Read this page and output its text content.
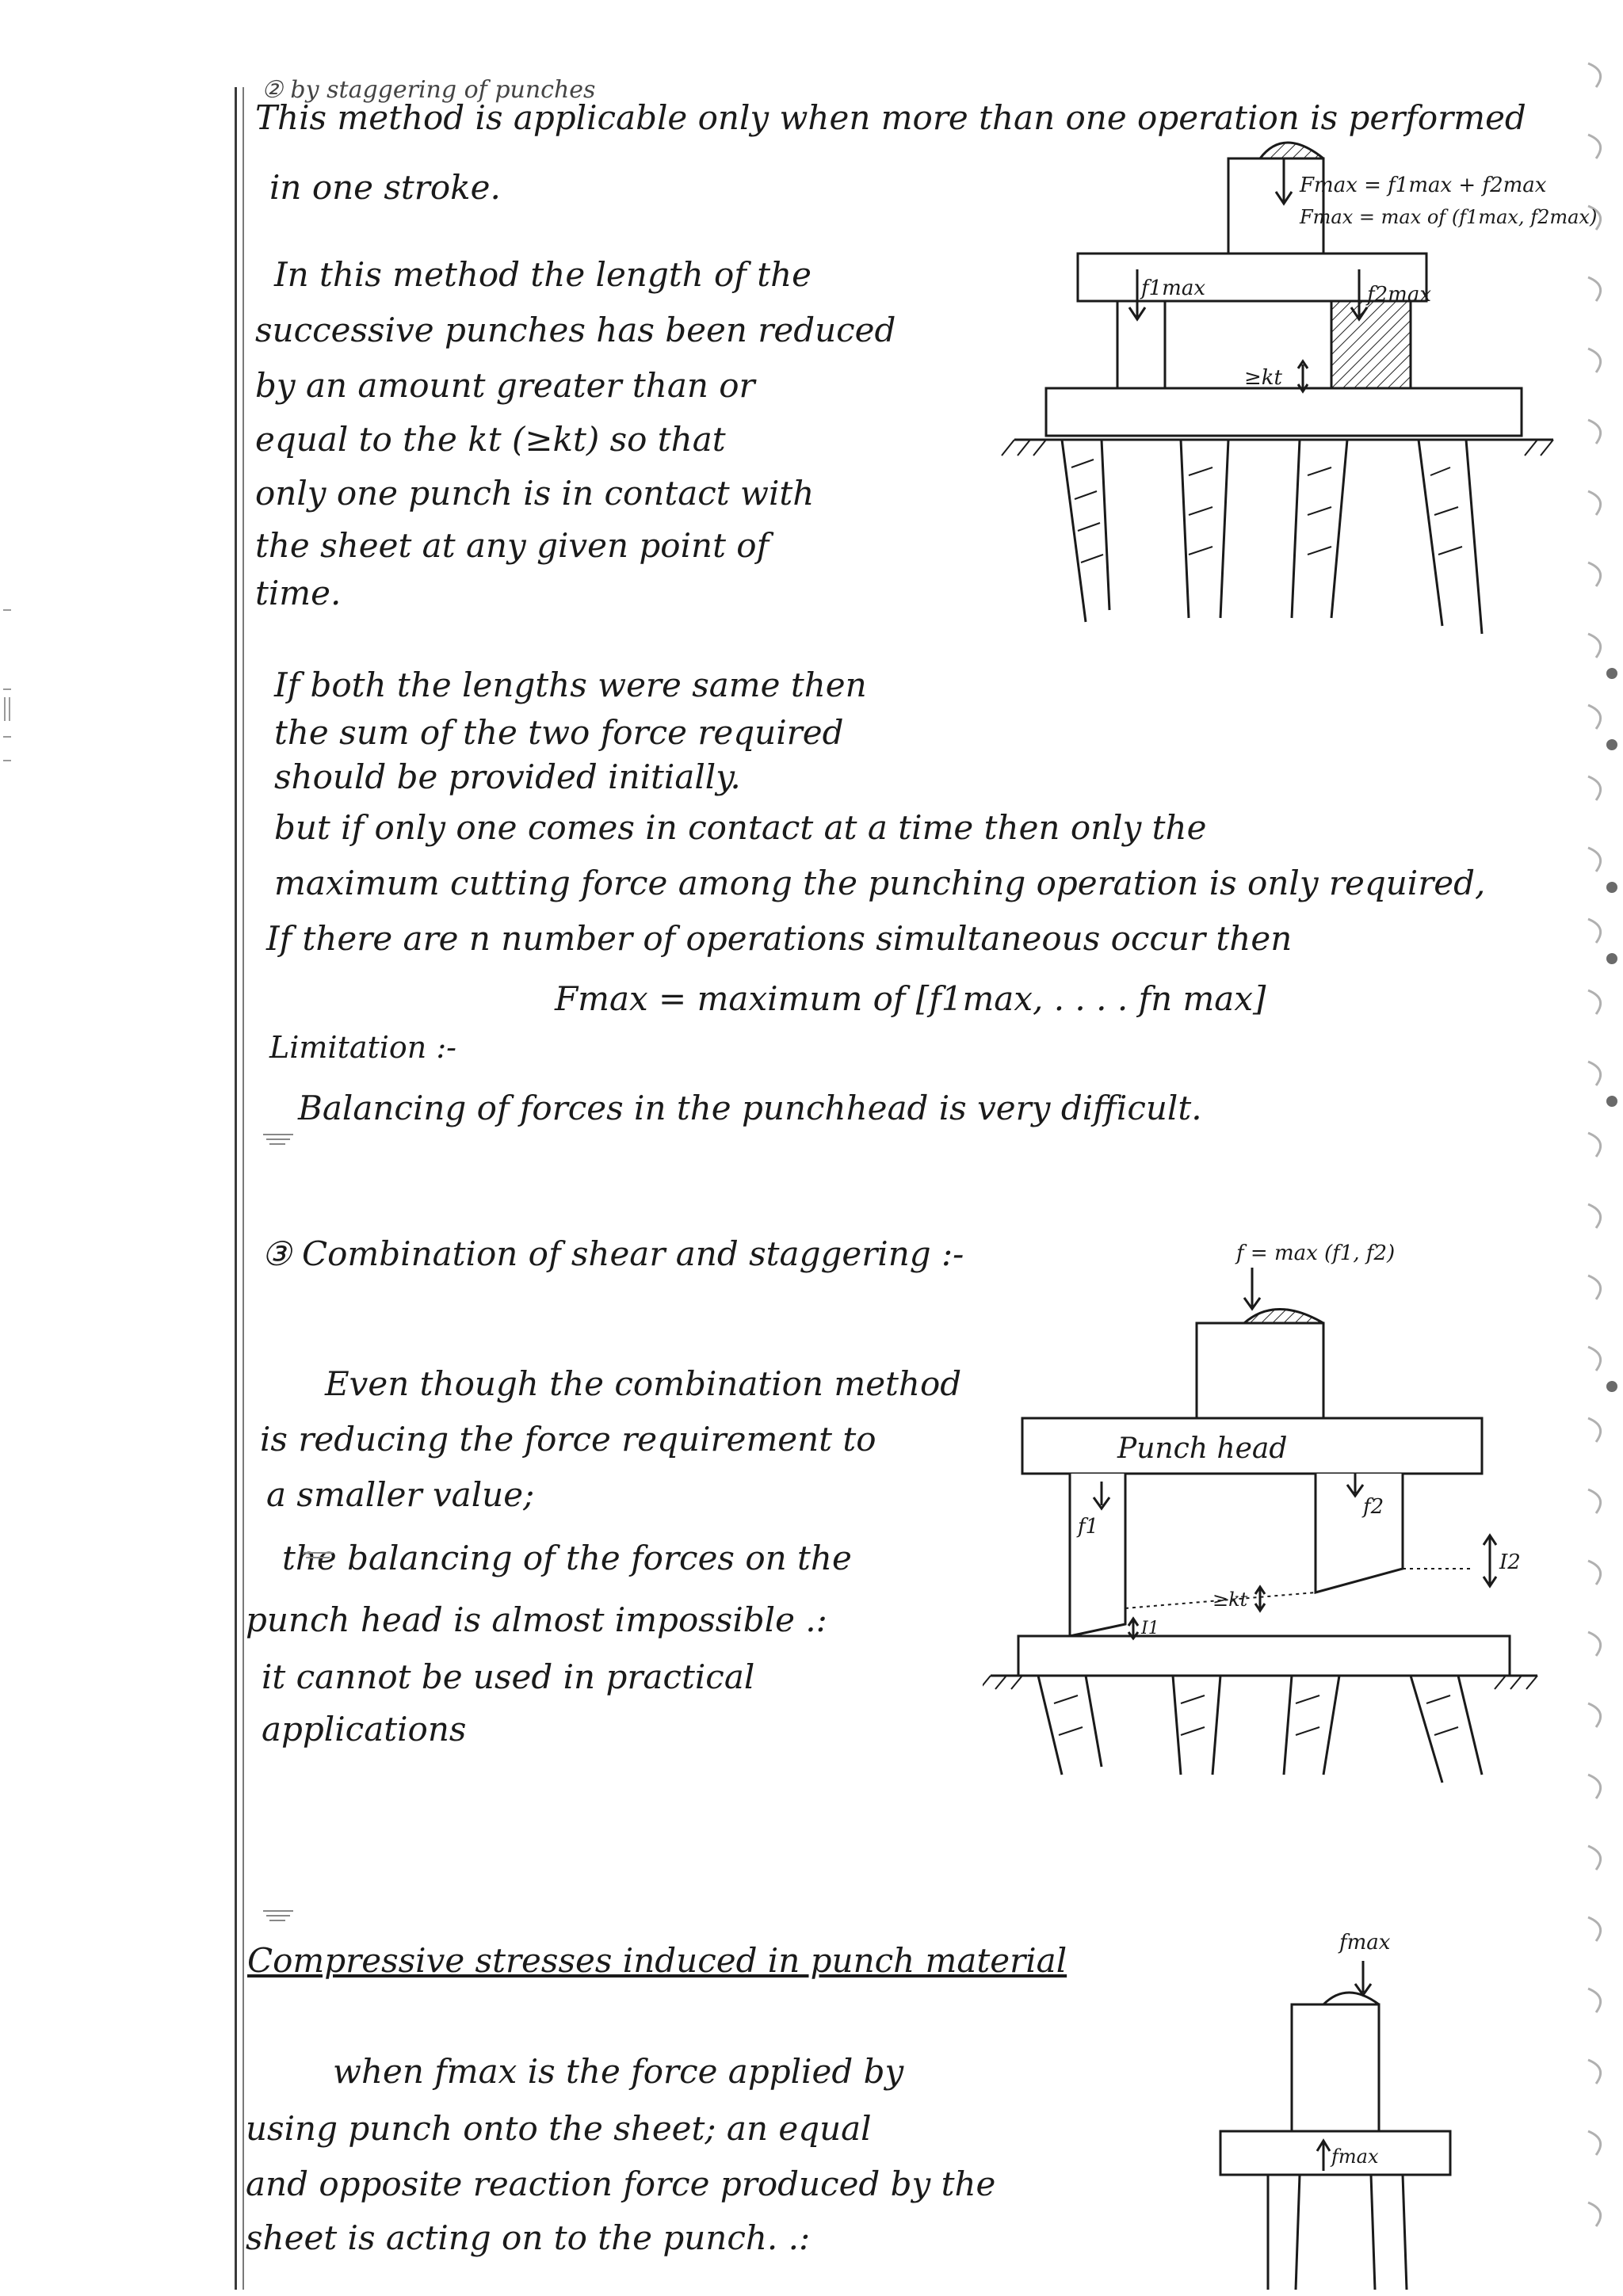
② by staggering of punches
This method is applicable only when more than one operation is performed
in one stroke.
In this method the length of the
successive punches has been reduced
by an amount greater than or
equal to the kt (≥kt) so that
only one punch is in contact with
the sheet at any given point of
time.
If both the lengths were same then
the sum of the two force required
should be provided initially.
but if only one comes in contact at a time then only the
maximum cutting force among the punching operation is only required,
If there are n number of operations simultaneous occur then
Fmax = maximum of [f1max, . . . . fn max]
Limitation :-
Balancing of forces in the punchhead is very difficult.
③ Combination of shear and staggering :-
Even though the combination method
is reducing the force requirement to
a smaller value;
the balancing of the forces on the
punch head is almost impossible .:
it cannot be used in practical
applications
Compressive stresses induced in punch material
when fmax is the force applied by
using punch onto the sheet; an equal
and opposite reaction force produced by the
sheet is acting on to the punch. .:
Fmax = f1max + f2max
Fmax = max of (f1max, f2max)
f1max	f2max
≥kt
f = max (f1, f2)
Punch head
f1
f2
≥kt
I1
I2
fmax
fmax
